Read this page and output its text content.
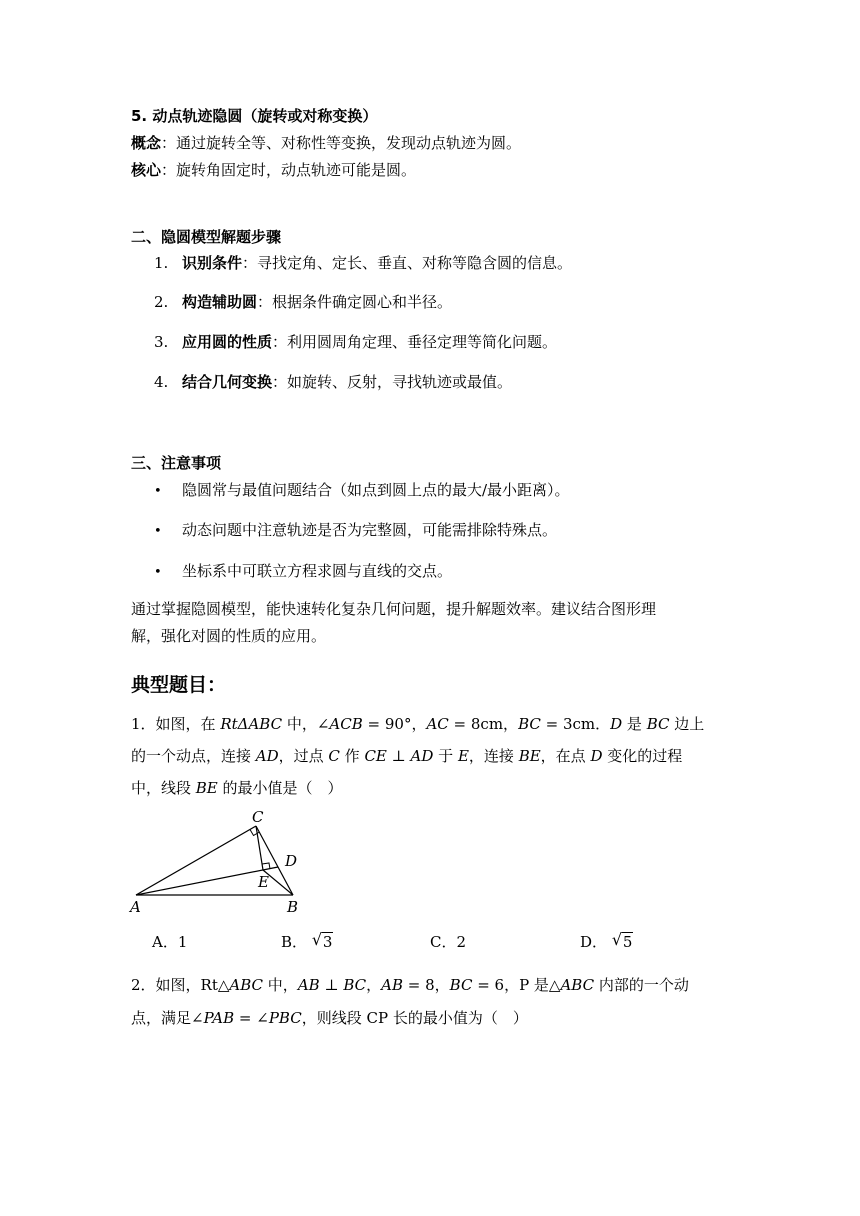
5. 动点轨迹隐圆（旋转或对称变换）
概念：通过旋转全等、对称性等变换，发现动点轨迹为圆。
核心：旋转角固定时，动点轨迹可能是圆。
二、隐圆模型解题步骤
1. 识别条件：寻找定角、定长、垂直、对称等隐含圆的信息。
2. 构造辅助圆：根据条件确定圆心和半径。
3. 应用圆的性质：利用圆周角定理、垂径定理等简化问题。
4. 结合几何变换：如旋转、反射，寻找轨迹或最值。
三、注意事项
• 隐圆常与最值问题结合（如点到圆上点的最大/最小距离）。
• 动态问题中注意轨迹是否为完整圆，可能需排除特殊点。
• 坐标系中可联立方程求圆与直线的交点。
通过掌握隐圆模型，能快速转化复杂几何问题，提升解题效率。建议结合图形理
解，强化对圆的性质的应用。
典型题目：
1．如图，在 RtΔABC 中，∠ACB = 90°，AC = 8cm，BC = 3cm．D 是 BC 边上
的一个动点，连接 AD，过点 C 作 CE ⊥ AD 于 E，连接 BE，在点 D 变化的过程
中，线段 BE 的最小值是（　）
C
D
E
A	B
A．1	B． √ 3	C．2	D． √ 5
2．如图，Rt△ABC 中，AB ⊥ BC，AB = 8，BC = 6，P 是△ABC 内部的一个动
点，满足∠PAB = ∠PBC，则线段 CP 长的最小值为（　）
